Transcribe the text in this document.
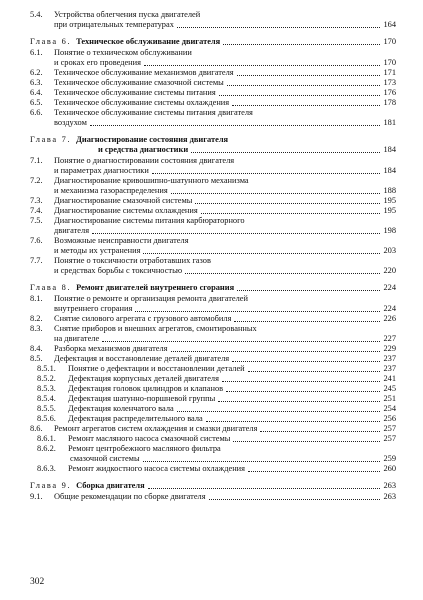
5.4.	Устройства облегчения пуска двигателей
при отрицательных температурах	164
Глава 6. Техническое обслуживание двигателя	170
6.1.	Понятие о техническом обслуживании
и сроках его проведения	170
6.2.	Техническое обслуживание механизмов двигателя	171
6.3.	Техническое обслуживание смазочной системы	173
6.4.	Техническое обслуживание системы питания	176
6.5.	Техническое обслуживание системы охлаждения	178
6.6.	Техническое обслуживание системы питания двигателя
воздухом	181
Глава 7. Диагностирование состояния двигателя
и средства диагностики	184
7.1.	Понятие о диагностировании состояния двигателя
и параметрах диагностики	184
7.2.	Диагностирование кривошипно-шатунного механизма
и механизма газораспределения	188
7.3.	Диагностирование смазочной системы	195
7.4.	Диагностирование системы охлаждения	195
7.5.	Диагностирование системы питания карбюраторного
двигателя	198
7.6.	Возможные неисправности двигателя
и методы их устранения	203
7.7.	Понятие о токсичности отработавших газов
и средствах борьбы с токсичностью	220
Глава 8. Ремонт двигателей внутреннего сгорания	224
8.1.	Понятие о ремонте и организация ремонта двигателей
внутреннего сгорания	224
8.2.	Снятие силового агрегата с грузового автомобиля	226
8.3.	Снятие приборов и внешних агрегатов, смонтированных
на двигателе	227
8.4.	Разборка механизмов двигателя	229
8.5.	Дефектация и восстановление деталей двигателя	237
8.5.1.	Понятие о дефектации и восстановлении деталей	237
8.5.2.	Дефектация корпусных деталей двигателя	241
8.5.3.	Дефектация головок цилиндров и клапанов	245
8.5.4.	Дефектация шатунно-поршневой группы	251
8.5.5.	Дефектация коленчатого вала	254
8.5.6.	Дефектация распределительного вала	256
8.6.	Ремонт агрегатов систем охлаждения и смазки двигателя	257
8.6.1.	Ремонт масляного насоса смазочной системы	257
8.6.2.	Ремонт центробежного масляного фильтра
смазочной системы	259
8.6.3.	Ремонт жидкостного насоса системы охлаждения	260
Глава 9. Сборка двигателя	263
9.1.	Общие рекомендации по сборке двигателя	263
302
